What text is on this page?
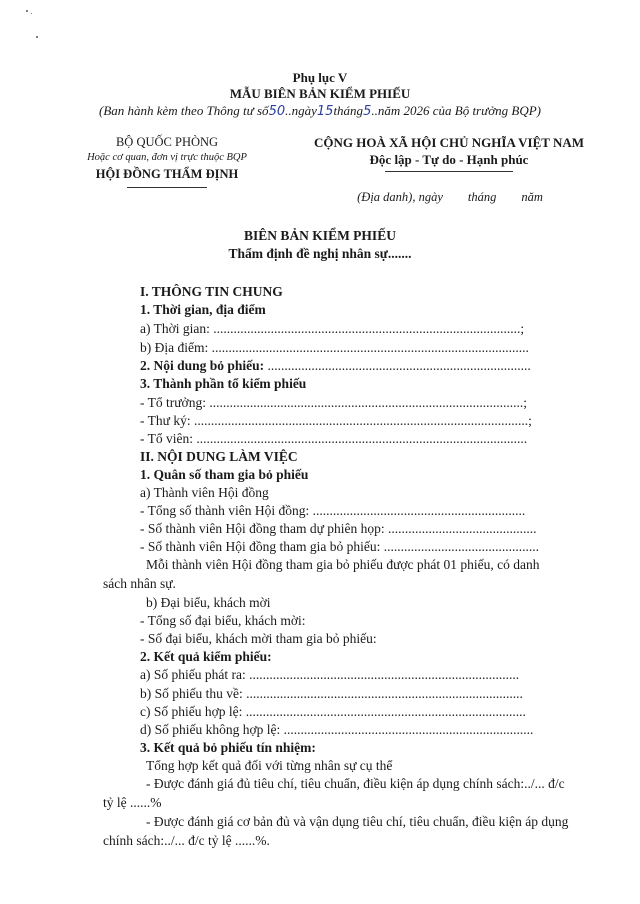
Phụ lục V
MẪU BIÊN BẢN KIỂM PHIẾU
(Ban hành kèm theo Thông tư số50..ngày15tháng5..năm 2026 của Bộ trưởng BQP)
BỘ QUỐC PHÒNG
Hoặc cơ quan, đơn vị trực thuộc BQP
HỘI ĐỒNG THẨM ĐỊNH
CỘNG HOÀ XÃ HỘI CHỦ NGHĨA VIỆT NAM
Độc lập - Tự do - Hạnh phúc
(Địa danh), ngày        tháng        năm
BIÊN BẢN KIỂM PHIẾU
Thẩm định đề nghị nhân sự.......
I. THÔNG TIN CHUNG
1. Thời gian, địa điểm
a) Thời gian: ...........................................................................................;
b) Địa điểm: ..............................................................................................
2. Nội dung bỏ phiếu: ..............................................................................
3. Thành phần tổ kiểm phiếu
- Tổ trưởng: .............................................................................................;
- Thư ký: ...................................................................................................;
- Tổ viên: ..................................................................................................
II. NỘI DUNG LÀM VIỆC
1. Quân số tham gia bỏ phiếu
a) Thành viên Hội đồng
- Tổng số thành viên Hội đồng: ...............................................................
- Số thành viên Hội đồng tham dự phiên họp: ............................................
- Số thành viên Hội đồng tham gia bỏ phiếu: ..............................................
Mỗi thành viên Hội đồng tham gia bỏ phiếu được phát 01 phiếu, có danh
sách nhân sự.
b) Đại biểu, khách mời
- Tổng số đại biểu, khách mời:
- Số đại biểu, khách mời tham gia bỏ phiếu:
2. Kết quả kiểm phiếu:
a) Số phiếu phát ra: ................................................................................
b) Số phiếu thu về: ..................................................................................
c) Số phiếu hợp lệ: ...................................................................................
d) Số phiếu không hợp lệ: ..........................................................................
3. Kết quả bỏ phiếu tín nhiệm:
Tổng hợp kết quả đối với từng nhân sự cụ thể
- Được đánh giá đủ tiêu chí, tiêu chuẩn, điều kiện áp dụng chính sách:../... đ/c
tỷ lệ ......%
- Được đánh giá cơ bản đủ và vận dụng tiêu chí, tiêu chuẩn, điều kiện áp dụng
chính sách:../... đ/c tỷ lệ ......%.
